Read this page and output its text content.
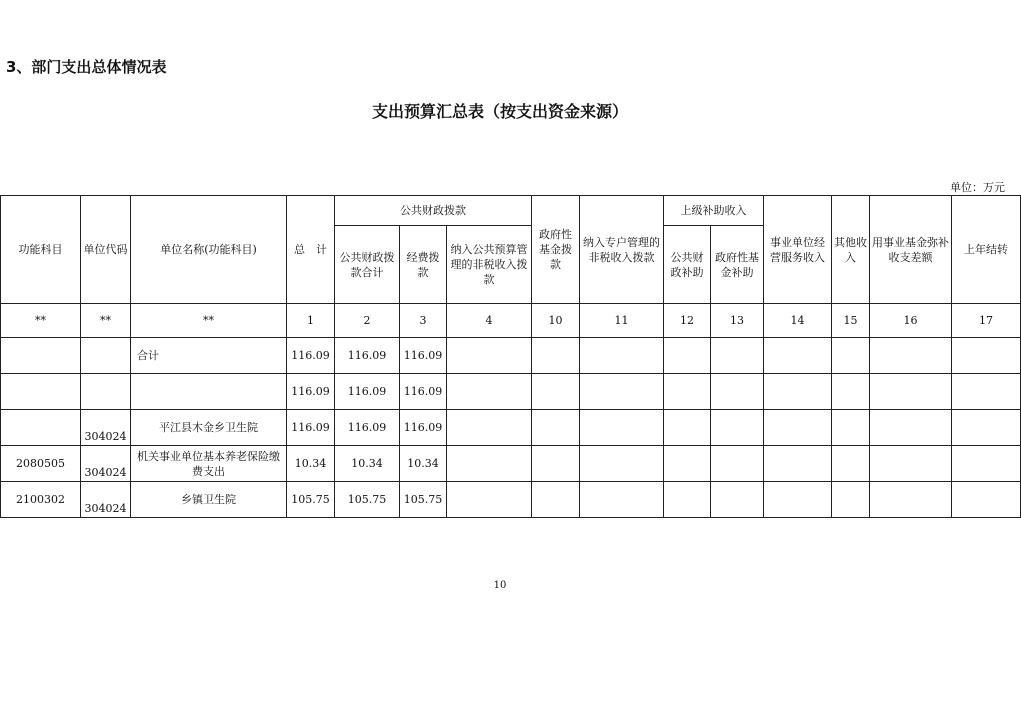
3、部门支出总体情况表
支出预算汇总表（按支出资金来源）
单位：万元
功能科目	单位代码	单位名称(功能科目)	总　计	公共财政拨款			政府性基金拨款	纳入专户管理的非税收入拨款	上级补助收入		事业单位经营服务收入	其他收入	用事业基金弥补收支差额	上年结转
				公共财政拨款合计	经费拨款	纳入公共预算管理的非税收入拨款			公共财政补助	政府性基金补助				
**	**	**	1	2	3	4	10	11	12	13	14	15	16	17
		合计	116.09	116.09	116.09									
			116.09	116.09	116.09									
	304024	平江县木金乡卫生院	116.09	116.09	116.09									
2080505	304024	机关事业单位基本养老保险缴费支出	10.34	10.34	10.34									
2100302	304024	乡镇卫生院	105.75	105.75	105.75									
10
